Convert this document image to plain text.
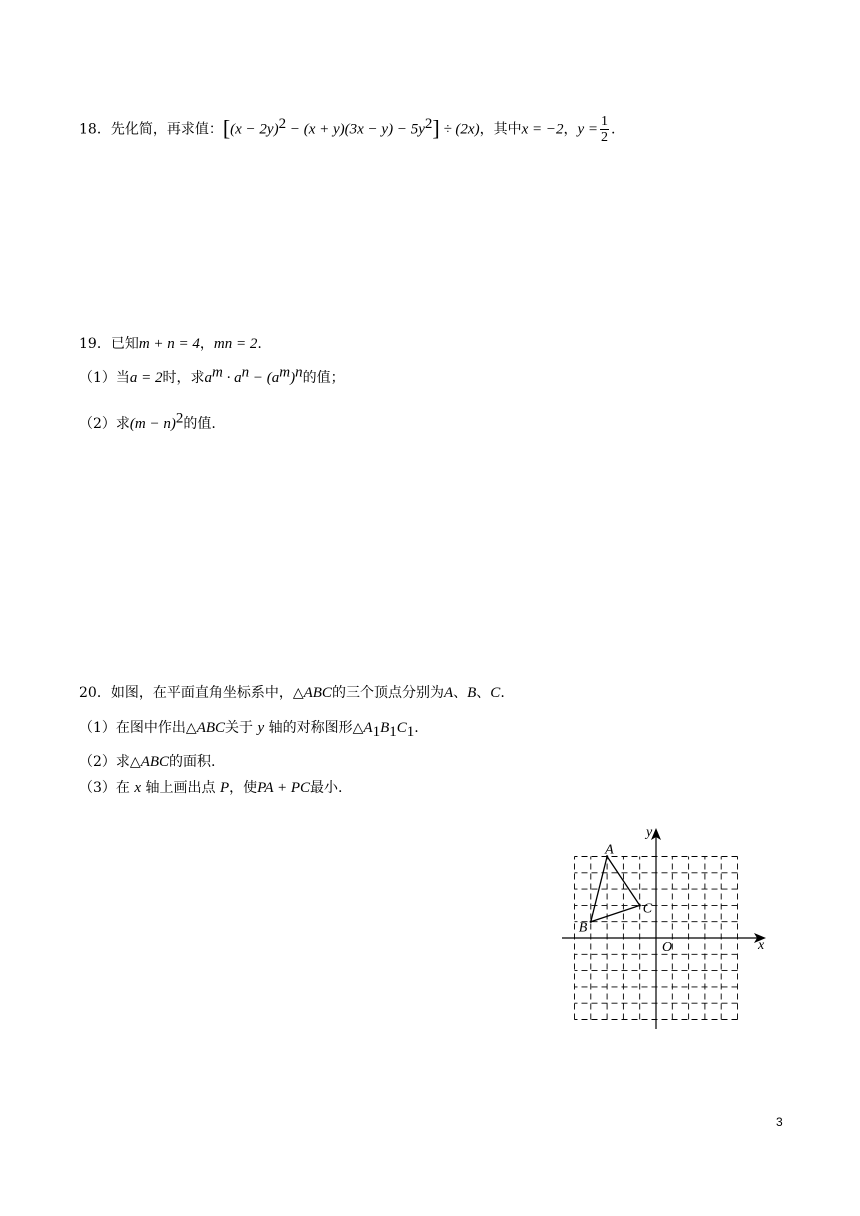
18．先化简，再求值：$[(x - 2y)^2 - (x + y)(3x - y) - 5y^2] \div (2x)$，其中x = −2，$y = \frac{1}{2}$ .
19．已知m + n = 4，mn = 2.
（1）当a = 2时，求$a^m \cdot a^n - (a^m)^n$的值；
（2）求$(m - n)^2$的值.
20．如图，在平面直角坐标系中，△ABC的三个顶点分别为A、B、C.
（1）在图中作出△ABC关于 y 轴的对称图形$\triangle A_1B_1C_1$.
（2）求△ABC的面积.
（3）在 x 轴上画出点 P，使PA + PC最小.
x
y
O
A
B
C
3
